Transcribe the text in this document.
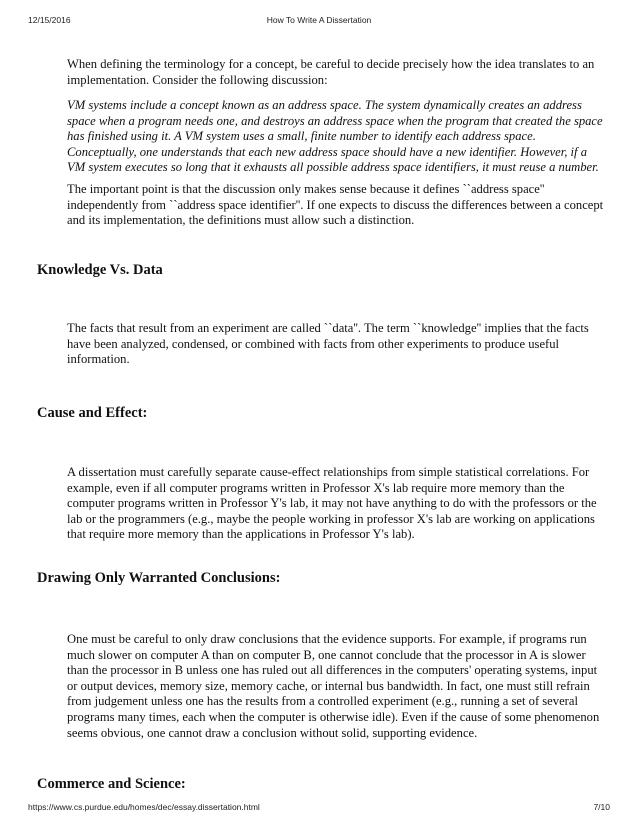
How To Write A Dissertation
12/15/2016

When defining the terminology for a concept, be careful to decide precisely how the idea translates to an implementation. Consider the following discussion:

VM systems include a concept known as an address space. The system dynamically creates an address space when a program needs one, and destroys an address space when the program that created the space has finished using it. A VM system uses a small, finite number to identify each address space. Conceptually, one understands that each new address space should have a new identifier. However, if a VM system executes so long that it exhausts all possible address space identifiers, it must reuse a number.

The important point is that the discussion only makes sense because it defines ``address space'' independently from ``address space identifier''. If one expects to discuss the differences between a concept and its implementation, the definitions must allow such a distinction.

Knowledge Vs. Data

The facts that result from an experiment are called ``data''. The term ``knowledge'' implies that the facts have been analyzed, condensed, or combined with facts from other experiments to produce useful information.

Cause and Effect:

A dissertation must carefully separate cause-effect relationships from simple statistical correlations. For example, even if all computer programs written in Professor X's lab require more memory than the computer programs written in Professor Y's lab, it may not have anything to do with the professors or the lab or the programmers (e.g., maybe the people working in professor X's lab are working on applications that require more memory than the applications in Professor Y's lab).

Drawing Only Warranted Conclusions:

One must be careful to only draw conclusions that the evidence supports. For example, if programs run much slower on computer A than on computer B, one cannot conclude that the processor in A is slower than the processor in B unless one has ruled out all differences in the computers' operating systems, input or output devices, memory size, memory cache, or internal bus bandwidth. In fact, one must still refrain from judgement unless one has the results from a controlled experiment (e.g., running a set of several programs many times, each when the computer is otherwise idle). Even if the cause of some phenomenon seems obvious, one cannot draw a conclusion without solid, supporting evidence.

Commerce and Science:
https://www.cs.purdue.edu/homes/dec/essay.dissertation.html	7/10
